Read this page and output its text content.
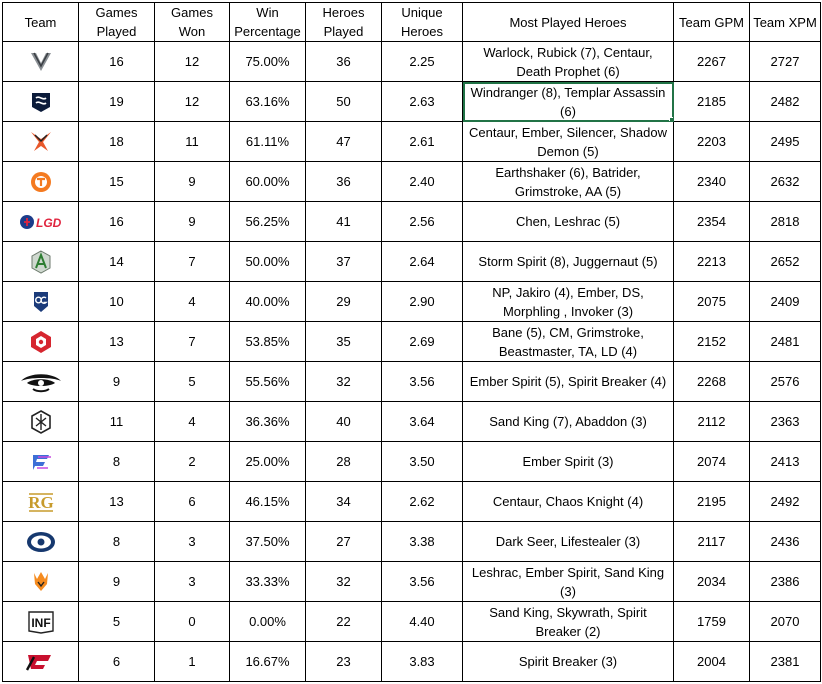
Team	Games Played	Games Won	Win Percentage	Heroes Played	Unique Heroes	Most Played Heroes	Team GPM	Team XPM

	16	12	75.00%	36	2.25	Warlock, Rubick (7), Centaur, Death Prophet (6)	2267	2727

	19	12	63.16%	50	2.63	Windranger (8), Templar Assassin (6)	2185	2482

	18	11	61.11%	47	2.61	Centaur, Ember, Silencer, Shadow Demon (5)	2203	2495

	15	9	60.00%	36	2.40	Earthshaker (6), Batrider, Grimstroke, AA (5)	2340	2632

	16	9	56.25%	41	2.56	Chen, Leshrac (5)	2354	2818

	14	7	50.00%	37	2.64	Storm Spirit (8), Juggernaut (5)	2213	2652

	10	4	40.00%	29	2.90	NP, Jakiro (4), Ember, DS, Morphling , Invoker (3)	2075	2409

	13	7	53.85%	35	2.69	Bane (5), CM, Grimstroke, Beastmaster, TA, LD (4)	2152	2481

	9	5	55.56%	32	3.56	Ember Spirit (5), Spirit Breaker (4)	2268	2576

	11	4	36.36%	40	3.64	Sand King (7), Abaddon (3)	2112	2363

	8	2	25.00%	28	3.50	Ember Spirit (3)	2074	2413

	13	6	46.15%	34	2.62	Centaur, Chaos Knight (4)	2195	2492

	8	3	37.50%	27	3.38	Dark Seer, Lifestealer (3)	2117	2436

	9	3	33.33%	32	3.56	Leshrac, Ember Spirit, Sand King (3)	2034	2386

	5	0	0.00%	22	4.40	Sand King, Skywrath, Spirit Breaker (2)	1759	2070

	6	1	16.67%	23	3.83	Spirit Breaker (3)	2004	2381
